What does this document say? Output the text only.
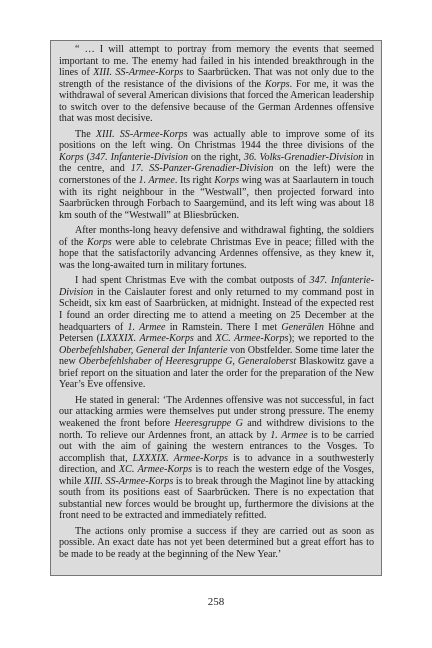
“ … I will attempt to portray from memory the events that seemed important to me. The enemy had failed in his intended breakthrough in the lines of XIII. SS-Armee-Korps to Saarbrücken. That was not only due to the strength of the resistance of the divisions of the Korps. For me, it was the withdrawal of several American divisions that forced the American leadership to switch over to the defensive because of the German Ardennes offensive that was most decisive.

The XIII. SS-Armee-Korps was actually able to improve some of its positions on the left wing. On Christmas 1944 the three divisions of the Korps (347. Infanterie-Division on the right, 36. Volks-Grenadier-Division in the centre, and 17. SS-Panzer-Grenadier-Division on the left) were the cornerstones of the 1. Armee. Its right Korps wing was at Saarlautern in touch with its right neighbour in the “Westwall”, then projected forward into Saarbrücken through Forbach to Saargemünd, and its left wing was about 18 km south of the “Westwall” at Bliesbrücken.

After months-long heavy defensive and withdrawal fighting, the soldiers of the Korps were able to celebrate Christmas Eve in peace; filled with the hope that the satisfactorily advancing Ardennes offensive, as they knew it, was the long-awaited turn in military fortunes.

I had spent Christmas Eve with the combat outposts of 347. Infanterie-Division in the Caislauter forest and only returned to my command post in Scheidt, six km east of Saarbrücken, at midnight. Instead of the expected rest I found an order directing me to attend a meeting on 25 December at the headquarters of 1. Armee in Ramstein. There I met Generälen Höhne and Petersen (LXXXIX. Armee-Korps and XC. Armee-Korps); we reported to the Oberbefehlshaber, General der Infanterie von Obstfelder. Some time later the new Oberbefehlshaber of Heeresgruppe G, Generaloberst Blaskowitz gave a brief report on the situation and later the order for the preparation of the New Year’s Eve offensive.

He stated in general: ‘The Ardennes offensive was not successful, in fact our attacking armies were themselves put under strong pressure. The enemy weakened the front before Heeresgruppe G and withdrew divisions to the north. To relieve our Ardennes front, an attack by 1. Armee is to be carried out with the aim of gaining the western entrances to the Vosges. To accomplish that, LXXXIX. Armee-Korps is to advance in a southwesterly direction, and XC. Armee-Korps is to reach the western edge of the Vosges, while XIII. SS-Armee-Korps is to break through the Maginot line by attacking south from its positions east of Saarbrücken. There is no expectation that substantial new forces would be brought up, furthermore the divisions at the front need to be extracted and immediately refitted.

The actions only promise a success if they are carried out as soon as possible. An exact date has not yet been determined but a great effort has to be made to be ready at the beginning of the New Year.’

258
